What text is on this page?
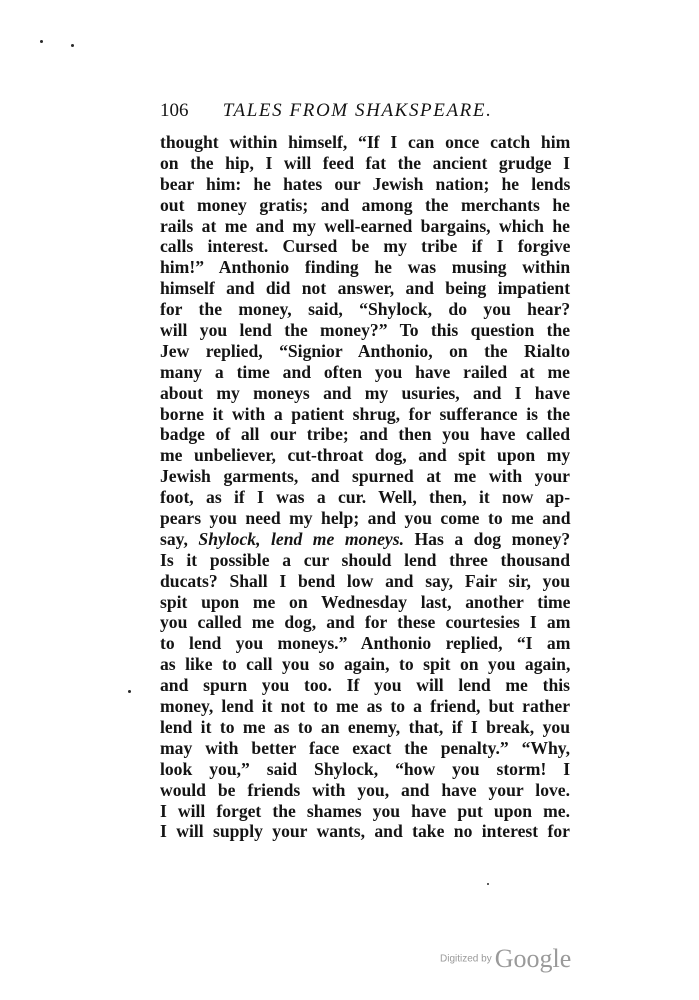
106 TALES FROM SHAKSPEARE.
thought within himself, “If I can once catch him
on the hip, I will feed fat the ancient grudge I
bear him: he hates our Jewish nation; he lends
out money gratis; and among the merchants he
rails at me and my well-earned bargains, which he
calls interest. Cursed be my tribe if I forgive
him!” Anthonio finding he was musing within
himself and did not answer, and being impatient
for the money, said, “Shylock, do you hear?
will you lend the money?” To this question the
Jew replied, “Signior Anthonio, on the Rialto
many a time and often you have railed at me
about my moneys and my usuries, and I have
borne it with a patient shrug, for sufferance is the
badge of all our tribe; and then you have called
me unbeliever, cut-throat dog, and spit upon my
Jewish garments, and spurned at me with your
foot, as if I was a cur. Well, then, it now ap-
pears you need my help; and you come to me and
say, Shylock, lend me moneys. Has a dog money?
Is it possible a cur should lend three thousand
ducats? Shall I bend low and say, Fair sir, you
spit upon me on Wednesday last, another time
you called me dog, and for these courtesies I am
to lend you moneys.” Anthonio replied, “I am
as like to call you so again, to spit on you again,
and spurn you too. If you will lend me this
money, lend it not to me as to a friend, but rather
lend it to me as to an enemy, that, if I break, you
may with better face exact the penalty.” “Why,
look you,” said Shylock, “how you storm! I
would be friends with you, and have your love.
I will forget the shames you have put upon me.
I will supply your wants, and take no interest for
Digitized by Google
